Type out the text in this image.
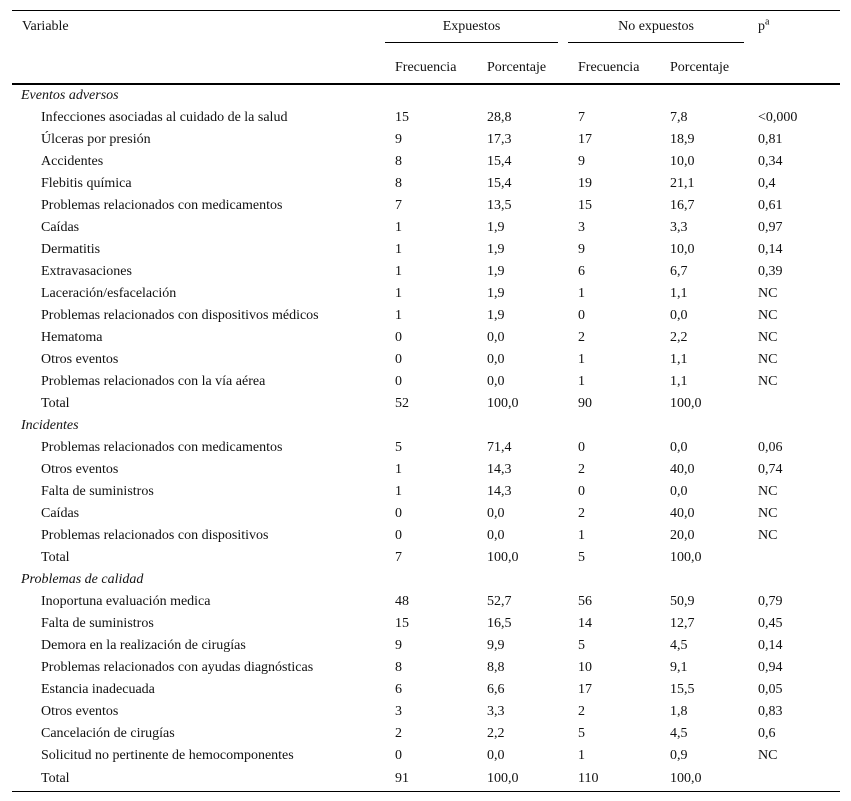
Variable	Expuestos		No expuestos		$p^a$
	Frecuencia	Porcentaje	Frecuencia	Porcentaje	
Eventos adversos					
Infecciones asociadas al cuidado de la salud	15	28,8	7	7,8	<0,000
Úlceras por presión	9	17,3	17	18,9	0,81
Accidentes	8	15,4	9	10,0	0,34
Flebitis química	8	15,4	19	21,1	0,4
Problemas relacionados con medicamentos	7	13,5	15	16,7	0,61
Caídas	1	1,9	3	3,3	0,97
Dermatitis	1	1,9	9	10,0	0,14
Extravasaciones	1	1,9	6	6,7	0,39
Laceración/esfacelación	1	1,9	1	1,1	NC
Problemas relacionados con dispositivos médicos	1	1,9	0	0,0	NC
Hematoma	0	0,0	2	2,2	NC
Otros eventos	0	0,0	1	1,1	NC
Problemas relacionados con la vía aérea	0	0,0	1	1,1	NC
Total	52	100,0	90	100,0	
Incidentes					
Problemas relacionados con medicamentos	5	71,4	0	0,0	0,06
Otros eventos	1	14,3	2	40,0	0,74
Falta de suministros	1	14,3	0	0,0	NC
Caídas	0	0,0	2	40,0	NC
Problemas relacionados con dispositivos	0	0,0	1	20,0	NC
Total	7	100,0	5	100,0	
Problemas de calidad					
Inoportuna evaluación medica	48	52,7	56	50,9	0,79
Falta de suministros	15	16,5	14	12,7	0,45
Demora en la realización de cirugías	9	9,9	5	4,5	0,14
Problemas relacionados con ayudas diagnósticas	8	8,8	10	9,1	0,94
Estancia inadecuada	6	6,6	17	15,5	0,05
Otros eventos	3	3,3	2	1,8	0,83
Cancelación de cirugías	2	2,2	5	4,5	0,6
Solicitud no pertinente de hemocomponentes	0	0,0	1	0,9	NC
Total	91	100,0	110	100,0	
